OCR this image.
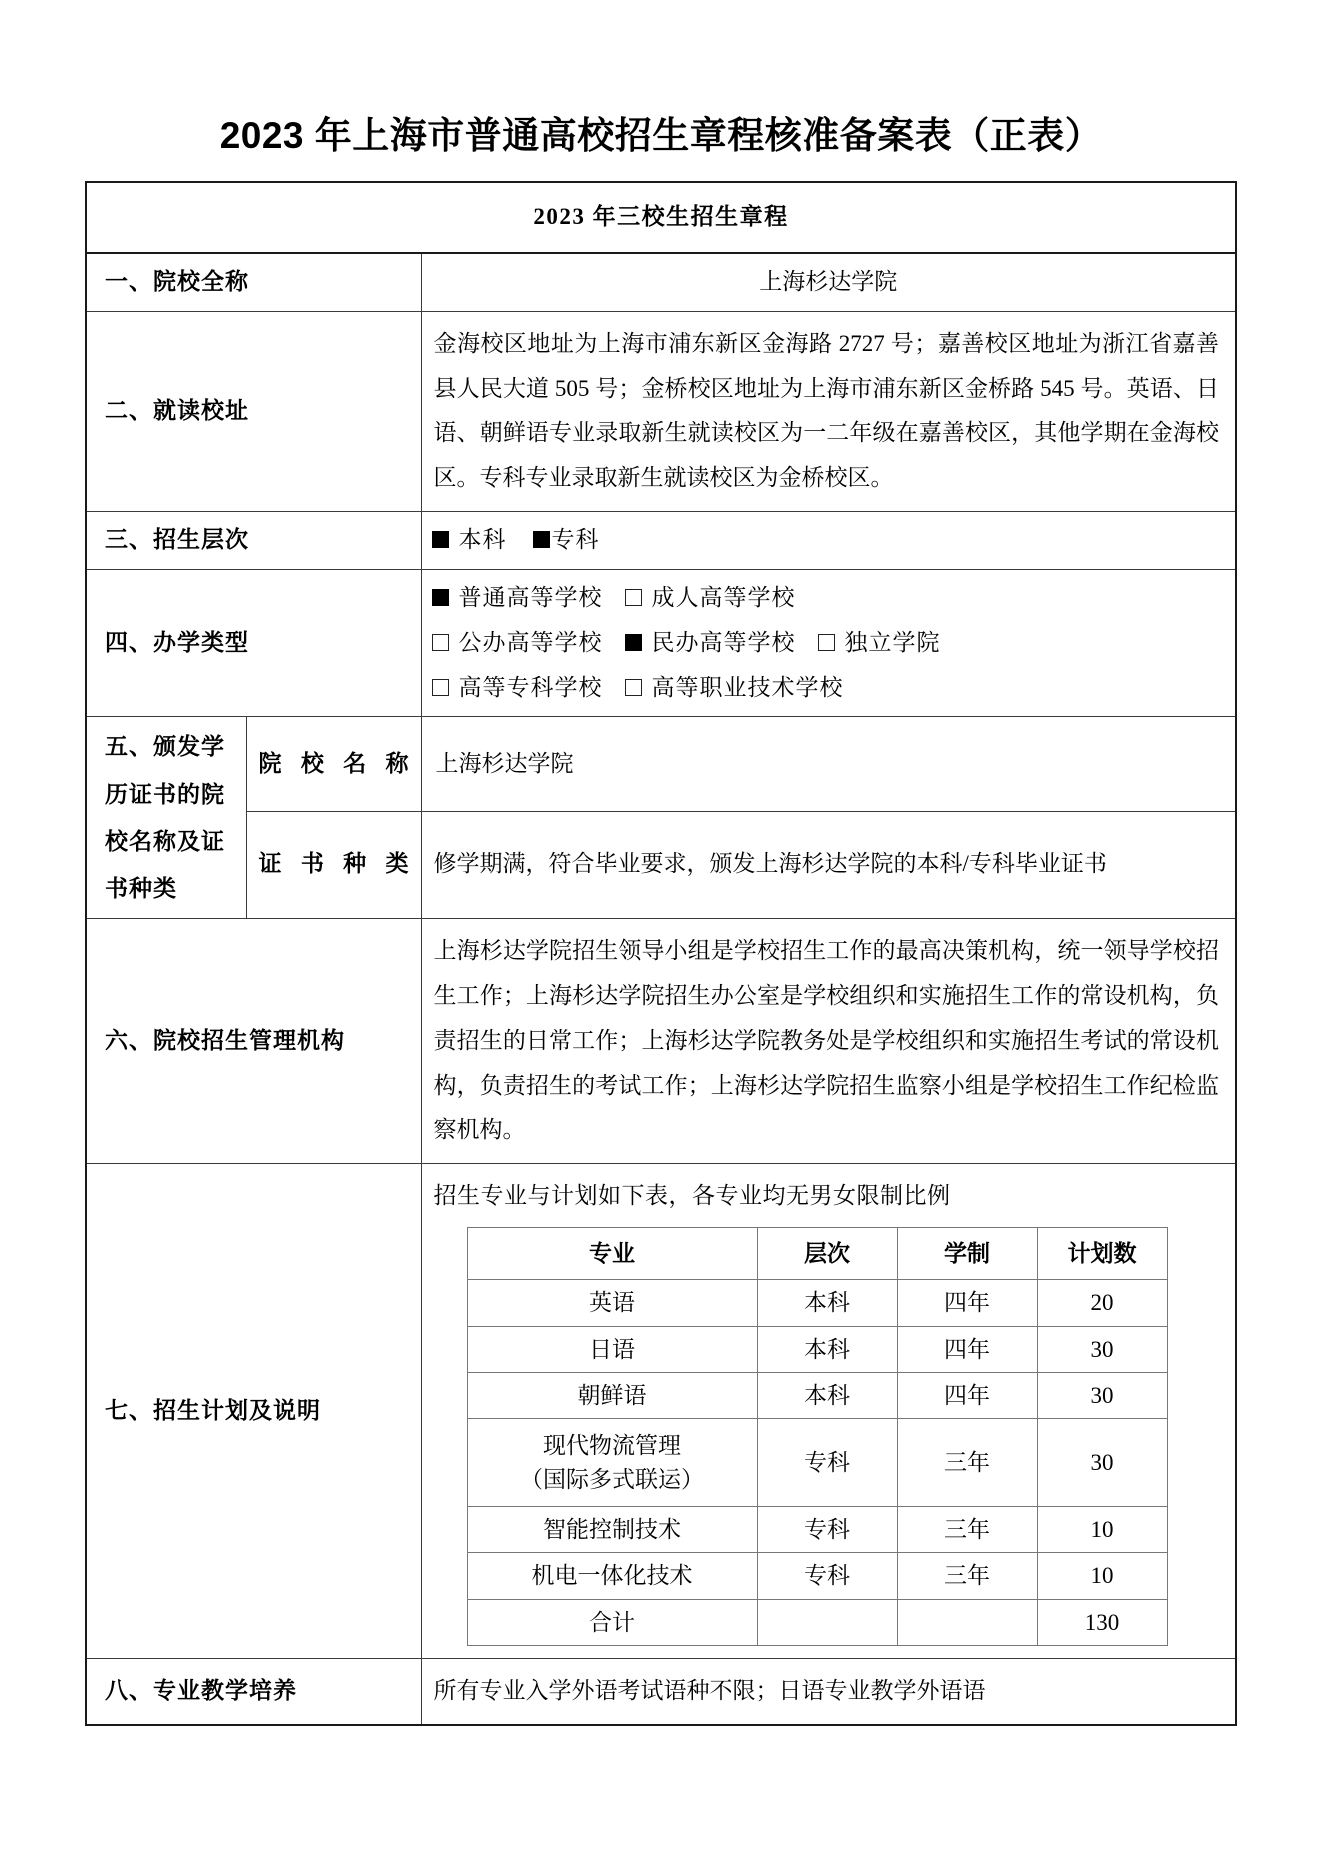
2023 年上海市普通高校招生章程核准备案表（正表）
2023 年三校生招生章程
一、院校全称	上海杉达学院
二、就读校址	金海校区地址为上海市浦东新区金海路 2727 号；嘉善校区地址为浙江省嘉善县人民大道 505 号；金桥校区地址为上海市浦东新区金桥路 545 号。英语、日语、朝鲜语专业录取新生就读校区为一二年级在嘉善校区，其他学期在金海校区。专科专业录取新生就读校区为金桥校区。
三、招生层次	本科 专科

四、办学类型	
普通高等学校 成人高等学校
公办高等学校 民办高等学校 独立学院
高等专科学校 高等职业技术学校

五、颁发学历证书的院校名称及证书种类	院校名称	上海杉达学院
证书种类	修学期满，符合毕业要求，颁发上海杉达学院的本科/专科毕业证书
六、院校招生管理机构	上海杉达学院招生领导小组是学校招生工作的最高决策机构，统一领导学校招生工作；上海杉达学院招生办公室是学校组织和实施招生工作的常设机构，负责招生的日常工作；上海杉达学院教务处是学校组织和实施招生考试的常设机构，负责招生的考试工作；上海杉达学院招生监察小组是学校招生工作纪检监察机构。
七、招生计划及说明	
招生专业与计划如下表，各专业均无男女限制比例
专业	层次	学制	计划数
英语	本科	四年	20
日语	本科	四年	30
朝鲜语	本科	四年	30
现代物流管理
（国际多式联运）	专科	三年	30
智能控制技术	专科	三年	10
机电一体化技术	专科	三年	10
合计			130

八、专业教学培养	所有专业入学外语考试语种不限；日语专业教学外语语
